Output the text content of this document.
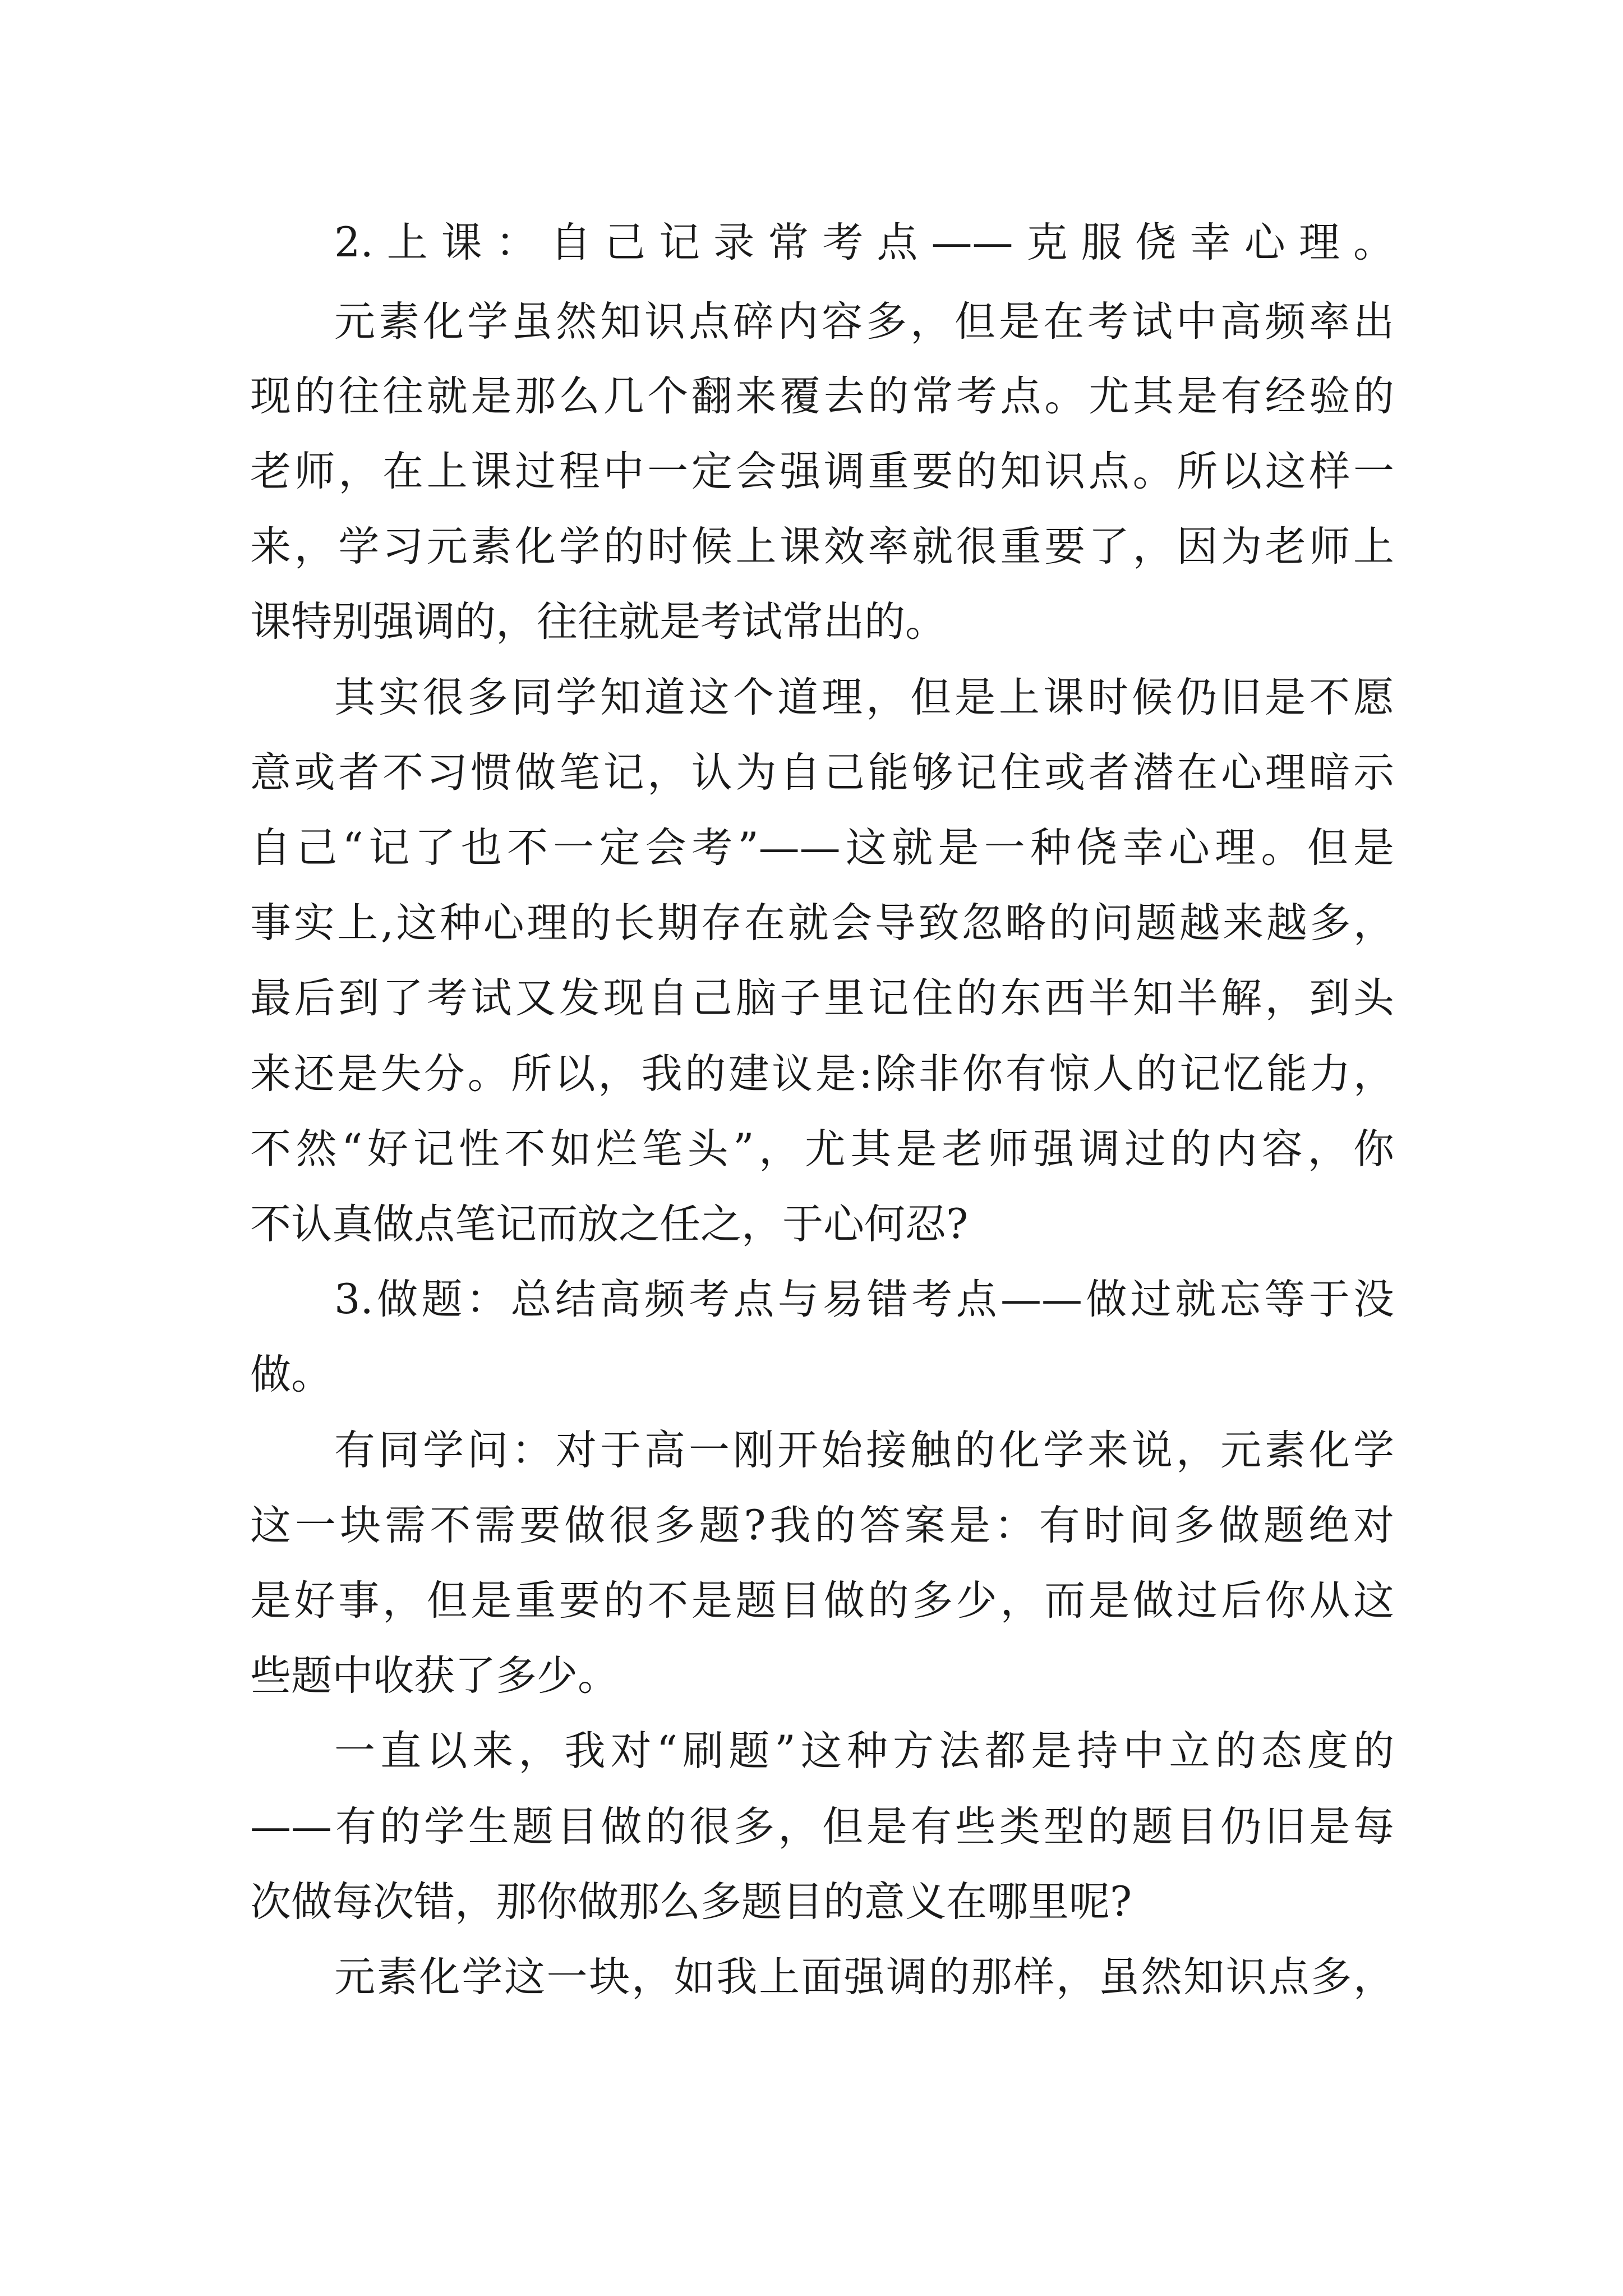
2.上课：自己记录常考点——克服侥幸心理。
元素化学虽然知识点碎内容多，但是在考试中高频率出
现的往往就是那么几个翻来覆去的常考点。尤其是有经验的
老师，在上课过程中一定会强调重要的知识点。所以这样一
来，学习元素化学的时候上课效率就很重要了，因为老师上
课特别强调的，往往就是考试常出的。
其实很多同学知道这个道理，但是上课时候仍旧是不愿
意或者不习惯做笔记，认为自己能够记住或者潜在心理暗示
自己“记了也不一定会考”——这就是一种侥幸心理。但是
事实上,这种心理的长期存在就会导致忽略的问题越来越多，
最后到了考试又发现自己脑子里记住的东西半知半解，到头
来还是失分。所以，我的建议是:除非你有惊人的记忆能力，
不然“好记性不如烂笔头”，尤其是老师强调过的内容，你
不认真做点笔记而放之任之，于心何忍?
3.做题：总结高频考点与易错考点——做过就忘等于没
做。
有同学问：对于高一刚开始接触的化学来说，元素化学
这一块需不需要做很多题?我的答案是：有时间多做题绝对
是好事，但是重要的不是题目做的多少，而是做过后你从这
些题中收获了多少。
一直以来，我对“刷题”这种方法都是持中立的态度的
——有的学生题目做的很多，但是有些类型的题目仍旧是每
次做每次错，那你做那么多题目的意义在哪里呢?
元素化学这一块，如我上面强调的那样，虽然知识点多，
